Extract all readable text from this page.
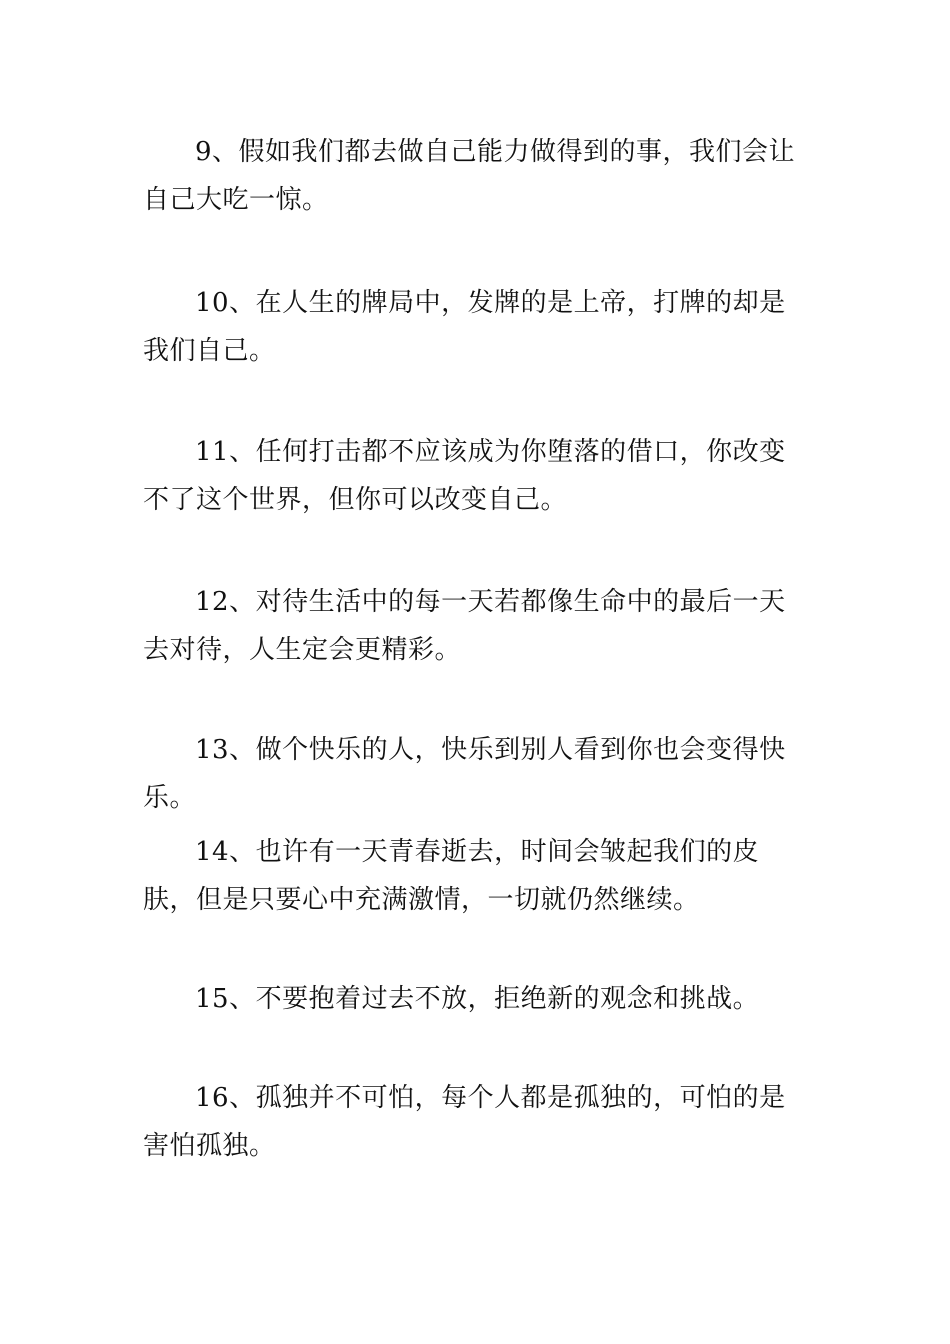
9、假如我们都去做自己能力做得到的事，我们会让自己大吃一惊。

10、在人生的牌局中，发牌的是上帝，打牌的却是我们自己。

11、任何打击都不应该成为你堕落的借口，你改变不了这个世界，但你可以改变自己。

12、对待生活中的每一天若都像生命中的最后一天去对待，人生定会更精彩。

13、做个快乐的人，快乐到别人看到你也会变得快乐。

14、也许有一天青春逝去，时间会皱起我们的皮肤，但是只要心中充满激情，一切就仍然继续。

15、不要抱着过去不放，拒绝新的观念和挑战。

16、孤独并不可怕，每个人都是孤独的，可怕的是害怕孤独。
